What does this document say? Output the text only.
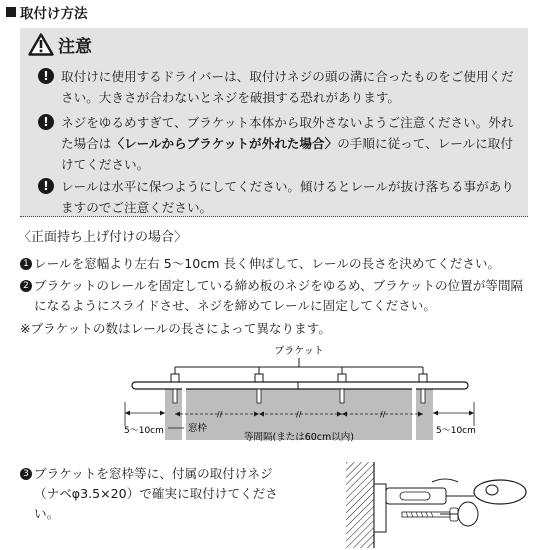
取付け方法
注意
! 取付けに使用するドライバーは、取付けネジの頭の溝に合ったものをご使用ください。大きさが合わないとネジを破損する恐れがあります。
! ネジをゆるめすぎて、ブラケット本体から取外さないようご注意ください。外れた場合は〈レールからブラケットが外れた場合〉の手順に従って、レールに取付けてください。
! レールは水平に保つようにしてください。傾けるとレールが抜け落ちる事がありますのでご注意ください。
〈正面持ち上げ付けの場合〉
1 レールを窓幅より左右 5〜10cm 長く伸ばして、レールの長さを決めてください。
2 ブラケットのレールを固定している締め板のネジをゆるめ、ブラケットの位置が等間隔になるようにスライドさせ、ネジを締めてレールに固定してください。
※ブラケットの数はレールの長さによって異なります。
ブラケット
5〜10cm	5〜10cm
//	//	//
窓枠
等間隔(または60cm以内)
3 ブラケットを窓枠等に、付属の取付けネジ（ナベφ3.5×20）で確実に取付けてください。
